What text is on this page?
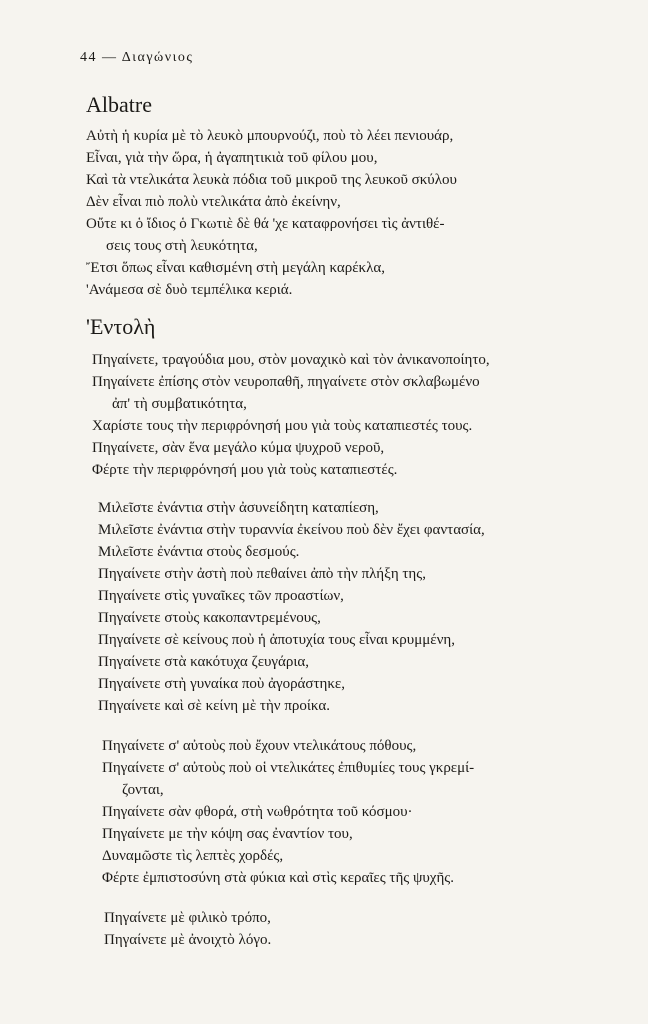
44 — Διαγώνιος
Albatre
Αὐτὴ ἡ κυρία μὲ τὸ λευκὸ μπουρνούζι, ποὺ τὸ λέει πενιουάρ,
Εἶναι, γιὰ τὴν ὥρα, ἡ ἀγαπητικιὰ τοῦ φίλου μου,
Καὶ τὰ ντελικάτα λευκὰ πόδια τοῦ μικροῦ της λευκοῦ σκύλου
Δὲν εἶναι πιὸ πολὺ ντελικάτα ἀπὸ ἐκείνην,
Οὔτε κι ὁ ἴδιος ὁ Γκωτιὲ δὲ θά 'χε καταφρονήσει τὶς ἀντιθέ-
σεις τους στὴ λευκότητα,
Ἔτσι ὅπως εἶναι καθισμένη στὴ μεγάλη καρέκλα,
'Ανάμεσα σὲ δυὸ τεμπέλικα κεριά.
'Εντολὴ
Πηγαίνετε, τραγούδια μου, στὸν μοναχικὸ καὶ τὸν ἀνικανοποίητο,
Πηγαίνετε ἐπίσης στὸν νευροπαθῆ, πηγαίνετε στὸν σκλαβωμένο
ἀπ' τὴ συμβατικότητα,
Χαρίστε τους τὴν περιφρόνησή μου γιὰ τοὺς καταπιεστές τους.
Πηγαίνετε, σὰν ἕνα μεγάλο κύμα ψυχροῦ νεροῦ,
Φέρτε τὴν περιφρόνησή μου γιὰ τοὺς καταπιεστές.
Μιλεῖστε ἐνάντια στὴν ἀσυνείδητη καταπίεση,
Μιλεῖστε ἐνάντια στὴν τυραννία ἐκείνου ποὺ δὲν ἔχει φαντασία,
Μιλεῖστε ἐνάντια στοὺς δεσμούς.
Πηγαίνετε στὴν ἀστὴ ποὺ πεθαίνει ἀπὸ τὴν πλήξη της,
Πηγαίνετε στὶς γυναῖκες τῶν προαστίων,
Πηγαίνετε στοὺς κακοπαντρεμένους,
Πηγαίνετε σὲ κείνους ποὺ ἡ ἀποτυχία τους εἶναι κρυμμένη,
Πηγαίνετε στὰ κακότυχα ζευγάρια,
Πηγαίνετε στὴ γυναίκα ποὺ ἀγοράστηκε,
Πηγαίνετε καὶ σὲ κείνη μὲ τὴν προίκα.
Πηγαίνετε σ' αὐτοὺς ποὺ ἔχουν ντελικάτους πόθους,
Πηγαίνετε σ' αὐτοὺς ποὺ οἱ ντελικάτες ἐπιθυμίες τους γκρεμί-
ζονται,
Πηγαίνετε σὰν φθορά, στὴ νωθρότητα τοῦ κόσμου·
Πηγαίνετε με τὴν κόψη σας ἐναντίον του,
Δυναμῶστε τὶς λεπτὲς χορδές,
Φέρτε ἐμπιστοσύνη στὰ φύκια καὶ στὶς κεραῖες τῆς ψυχῆς.
Πηγαίνετε μὲ φιλικὸ τρόπο,
Πηγαίνετε μὲ ἀνοιχτὸ λόγο.
